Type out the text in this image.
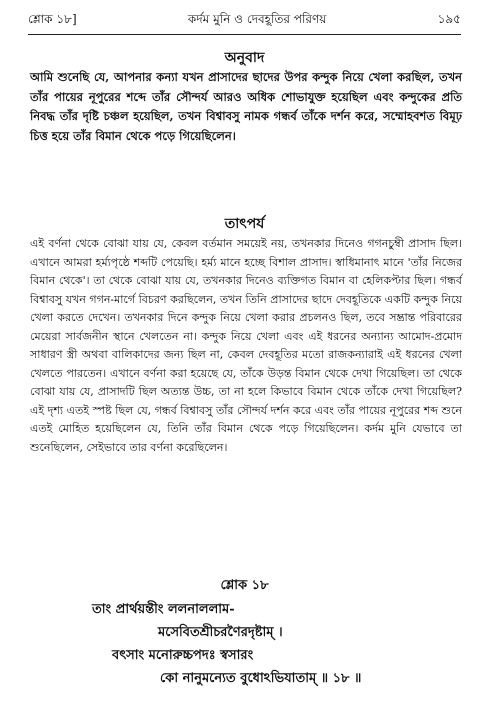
শ্লোক ১৮]	কর্দম মুনি ও দেবহূতির পরিণয়	১৯৫
অনুবাদ
আমি শুনেছি যে, আপনার কন্যা যখন প্রাসাদের ছাদের উপর কন্দুক নিয়ে খেলা করছিল, তখন তাঁর পায়ের নূপুরের শব্দে তাঁর সৌন্দর্য আরও অধিক শোভাযুক্ত হয়েছিল এবং কন্দুকের প্রতি নিবদ্ধ তাঁর দৃষ্টি চঞ্চল হয়েছিল, তখন বিশ্বাবসু নামক গন্ধর্ব তাঁকে দর্শন করে, সম্মোহবশত বিমূঢ় চিত্ত হয়ে তাঁর বিমান থেকে পড়ে গিয়েছিলেন।
তাৎপর্য
এই বর্ণনা থেকে বোঝা যায় যে, কেবল বর্তমান সময়েই নয়, তখনকার দিনেও গগনচুম্বী প্রাসাদ ছিল। এখানে আমরা হর্ম্যপৃষ্ঠে শব্দটি পেয়েছি। হর্ম্য মানে হচ্ছে বিশাল প্রাসাদ। স্বাধিমানাৎ মানে 'তাঁর নিজের বিমান থেকে'। তা থেকে বোঝা যায় যে, তখনকার দিনেও ব্যক্তিগত বিমান বা হেলিকপ্টার ছিল। গন্ধর্ব বিশ্বাবসু যখন গগন-মার্গে বিচরণ করছিলেন, তখন তিনি প্রাসাদের ছাদে দেবহূতিকে একটি কন্দুক নিয়ে খেলা করতে দেখেন। তখনকার দিনে কন্দুক নিয়ে খেলা করার প্রচলনও ছিল, তবে সম্ভ্রান্ত পরিবারের মেয়েরা সার্বজনীন স্থানে খেলতেন না। কন্দুক নিয়ে খেলা এবং এই ধরনের অন্যান্য আমোদ-প্রমোদ সাধারণ স্ত্রী অথবা বালিকাদের জন্য ছিল না, কেবল দেবহূতির মতো রাজকন্যারাই এই ধরনের খেলা খেলতে পারতেন। এখানে বর্ণনা করা হয়েছে যে, তাঁকে উড়ন্ত বিমান থেকে দেখা গিয়েছিল। তা থেকে বোঝা যায় যে, প্রাসাদটি ছিল অত্যন্ত উচ্চ, তা না হলে কিভাবে বিমান থেকে তাঁকে দেখা গিয়েছিল? এই দৃশ্য এতই স্পষ্ট ছিল যে, গন্ধর্ব বিশ্বাবসু তাঁর সৌন্দর্য দর্শন করে এবং তাঁর পায়ের নূপুরের শব্দ শুনে এতই মোহিত হয়েছিলেন যে, তিনি তাঁর বিমান থেকে পড়ে গিয়েছিলেন। কর্দম মুনি যেভাবে তা শুনেছিলেন, সেইভাবে তার বর্ণনা করেছিলেন।
শ্লোক ১৮
তাং প্রার্থয়ন্তীং ললনাললাম-
মসেবিতশ্রীচরণৈরদৃষ্টাম্ ।
বৎসাং মনোরুচ্চপদঃ স্বসারং
কো নানুমন্যেত বুধোঽভিযাতাম্ ॥ ১৮ ॥
